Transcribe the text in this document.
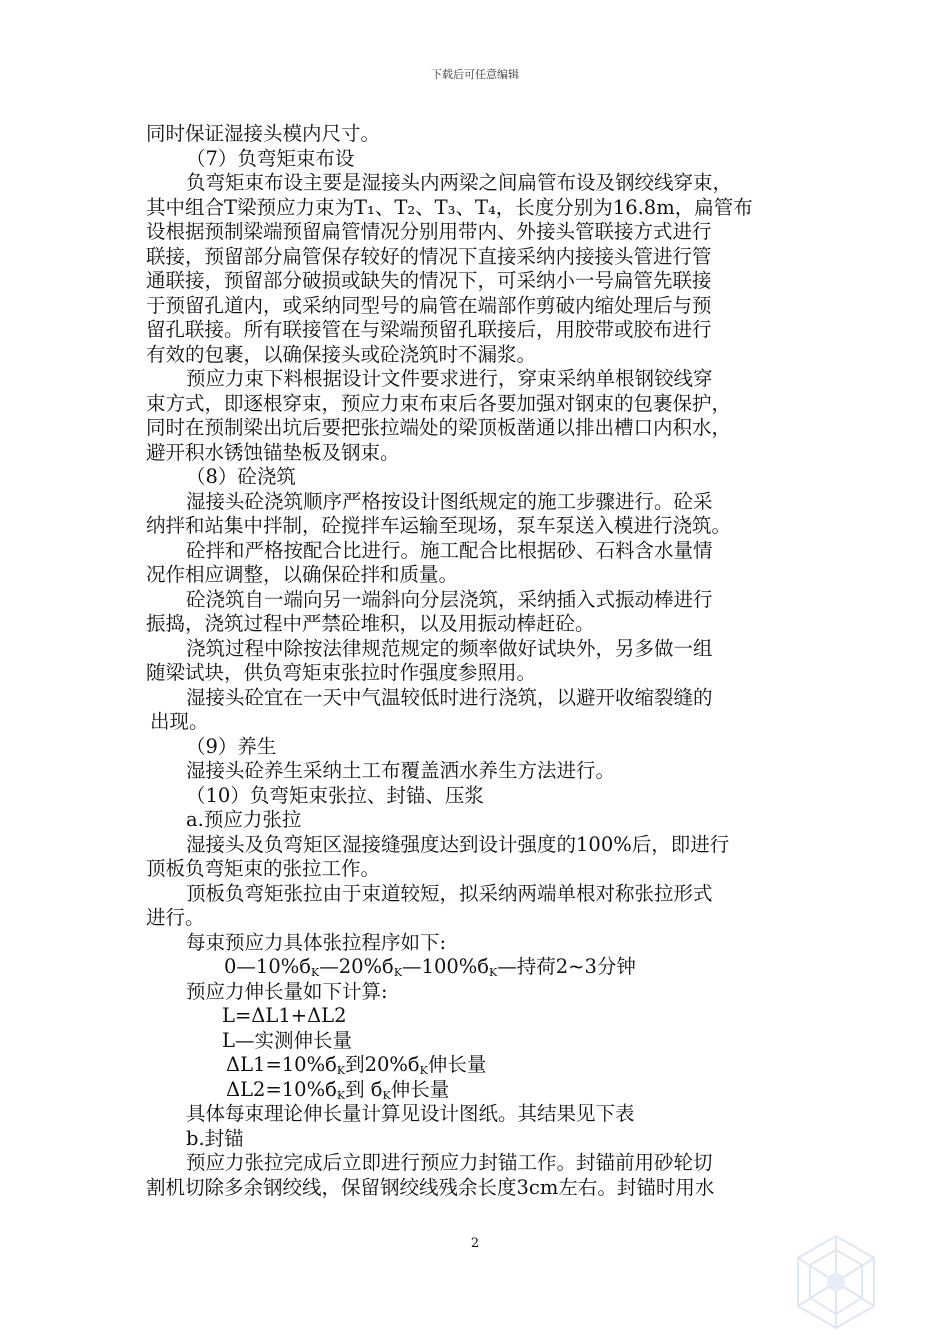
下载后可任意编辑
同时保证湿接头模内尺寸。
（7）负弯矩束布设
负弯矩束布设主要是湿接头内两梁之间扁管布设及钢绞线穿束，
其中组合T梁预应力束为T₁、T₂、T₃、T₄，长度分别为16.8m，扁管布
设根据预制梁端预留扁管情况分别用带内、外接头管联接方式进行
联接，预留部分扁管保存较好的情况下直接采纳内接接头管进行管
通联接，预留部分破损或缺失的情况下，可采纳小一号扁管先联接
于预留孔道内，或采纳同型号的扁管在端部作剪破内缩处理后与预
留孔联接。所有联接管在与梁端预留孔联接后，用胶带或胶布进行
有效的包裹，以确保接头或砼浇筑时不漏浆。
预应力束下料根据设计文件要求进行，穿束采纳单根钢铰线穿
束方式，即逐根穿束，预应力束布束后各要加强对钢束的包裹保护，
同时在预制梁出坑后要把张拉端处的梁顶板凿通以排出槽口内积水，
避开积水锈蚀锚垫板及钢束。
（8）砼浇筑
湿接头砼浇筑顺序严格按设计图纸规定的施工步骤进行。砼采
纳拌和站集中拌制，砼搅拌车运输至现场，泵车泵送入模进行浇筑。
砼拌和严格按配合比进行。施工配合比根据砂、石料含水量情
况作相应调整，以确保砼拌和质量。
砼浇筑自一端向另一端斜向分层浇筑，采纳插入式振动棒进行
振捣，浇筑过程中严禁砼堆积，以及用振动棒赶砼。
浇筑过程中除按法律规范规定的频率做好试块外，另多做一组
随梁试块，供负弯矩束张拉时作强度参照用。
湿接头砼宜在一天中气温较低时进行浇筑，以避开收缩裂缝的
出现。
（9）养生
湿接头砼养生采纳土工布覆盖洒水养生方法进行。
（10）负弯矩束张拉、封锚、压浆
a.预应力张拉
湿接头及负弯矩区湿接缝强度达到设计强度的100%后，即进行
顶板负弯矩束的张拉工作。
顶板负弯矩张拉由于束道较短，拟采纳两端单根对称张拉形式
进行。
每束预应力具体张拉程序如下:
$0—10\%б_K—20\%б_K—100\%б_K—$持荷2~3分钟
预应力伸长量如下计算:
L=ΔL1+ΔL2
L—实测伸长量
$\Delta L1=10\%б_K$到$20\%б_K$伸长量
$\Delta L2=10\%б_K$到 $б_K$伸长量
具体每束理论伸长量计算见设计图纸。其结果见下表
b.封锚
预应力张拉完成后立即进行预应力封锚工作。封锚前用砂轮切
割机切除多余钢绞线，保留钢绞线残余长度3cm左右。封锚时用水
2
